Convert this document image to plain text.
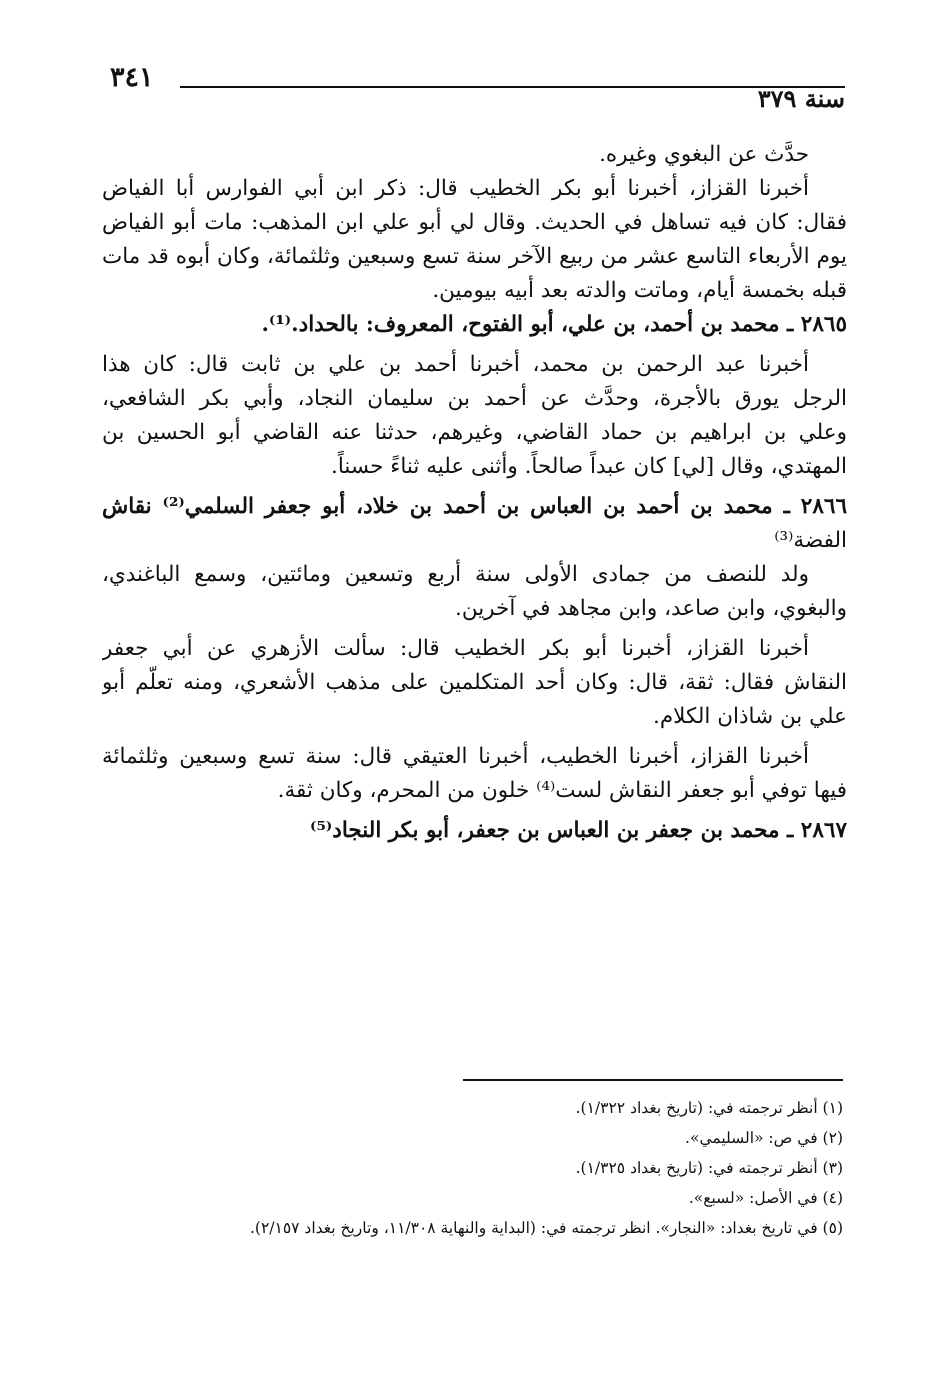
٣٤١
سنة ٣٧٩
حدَّث عن البغوي وغيره.
أخبرنا القزاز، أخبرنا أبو بكر الخطيب قال: ذكر ابن أبي الفوارس أبا الفياض
فقال: كان فيه تساهل في الحديث. وقال لي أبو علي ابن المذهب: مات أبو الفياض
يوم الأربعاء التاسع عشر من ربيع الآخر سنة تسع وسبعين وثلثمائة، وكان أبوه قد مات
قبله بخمسة أيام، وماتت والدته بعد أبيه بيومين.
٢٨٦٥ ـ محمد بن أحمد، بن علي، أبو الفتوح، المعروف: بالحداد.⁽¹⁾.
أخبرنا عبد الرحمن بن محمد، أخبرنا أحمد بن علي بن ثابت قال: كان هذا
الرجل يورق بالأجرة، وحدَّث عن أحمد بن سليمان النجاد، وأبي بكر الشافعي،
وعلي بن ابراهيم بن حماد القاضي، وغيرهم، حدثنا عنه القاضي أبو الحسين بن
المهتدي، وقال [لي] كان عبداً صالحاً. وأثنى عليه ثناءً حسناً.
٢٨٦٦ ـ محمد بن أحمد بن العباس بن أحمد بن خلاد، أبو جعفر السلمي⁽²⁾ نقاش
الفضة⁽³⁾
ولد للنصف من جمادى الأولى سنة أربع وتسعين ومائتين، وسمع الباغندي،
والبغوي، وابن صاعد، وابن مجاهد في آخرين.
أخبرنا القزاز، أخبرنا أبو بكر الخطيب قال: سألت الأزهري عن أبي جعفر
النقاش فقال: ثقة، قال: وكان أحد المتكلمين على مذهب الأشعري، ومنه تعلَّم أبو
علي بن شاذان الكلام.
أخبرنا القزاز، أخبرنا الخطيب، أخبرنا العتيقي قال: سنة تسع وسبعين وثلثمائة
فيها توفي أبو جعفر النقاش لست⁽⁴⁾ خلون من المحرم، وكان ثقة.
٢٨٦٧ ـ محمد بن جعفر بن العباس بن جعفر، أبو بكر النجاد⁽⁵⁾
(١) أنظر ترجمته في: (تاريخ بغداد ١/٣٢٢).
(٢) في ص: «السليمي».
(٣) أنظر ترجمته في: (تاريخ بغداد ١/٣٢٥).
(٤) في الأصل: «لسبع».
(٥) في تاريخ بغداد: «النجار». انظر ترجمته في: (البداية والنهاية ١١/٣٠٨، وتاريخ بغداد ٢/١٥٧).
